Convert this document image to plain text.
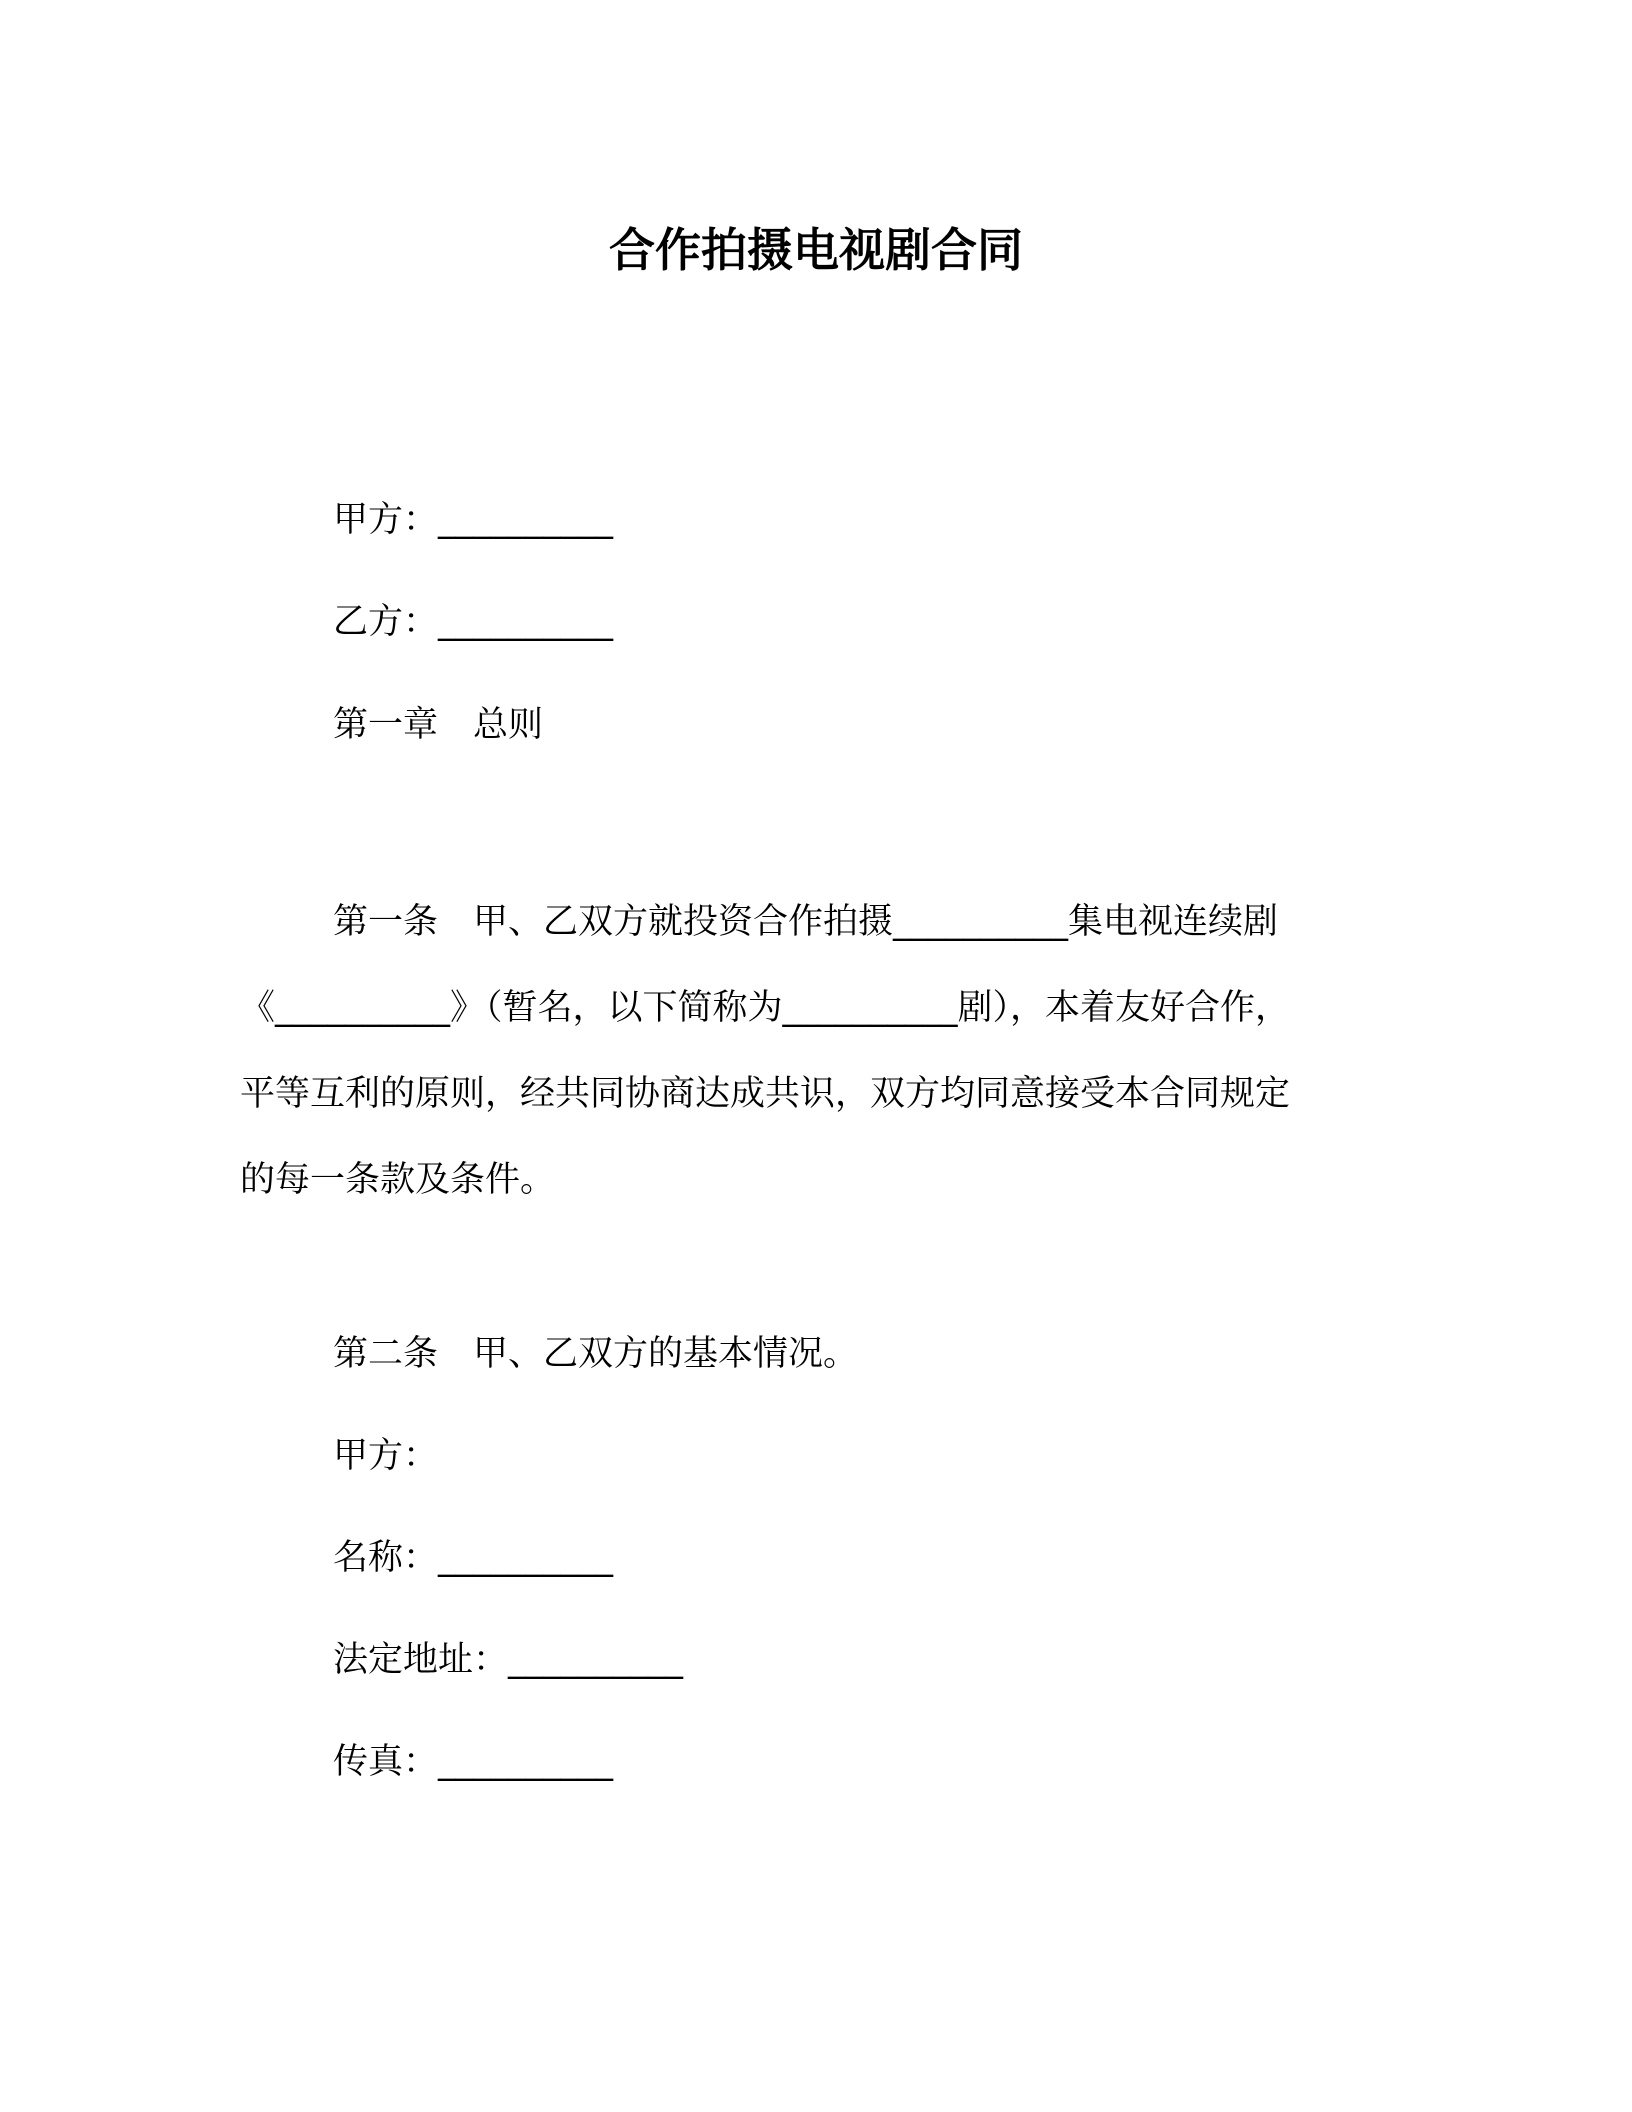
合作拍摄电视剧合同
甲方：__________
乙方：__________
第一章　总则
第一条　甲、乙双方就投资合作拍摄__________集电视连续剧
《__________》（暂名，以下简称为__________剧），本着友好合作，
平等互利的原则，经共同协商达成共识，双方均同意接受本合同规定
的每一条款及条件。
第二条　甲、乙双方的基本情况。
甲方：
名称：__________
法定地址：__________
传真：__________
